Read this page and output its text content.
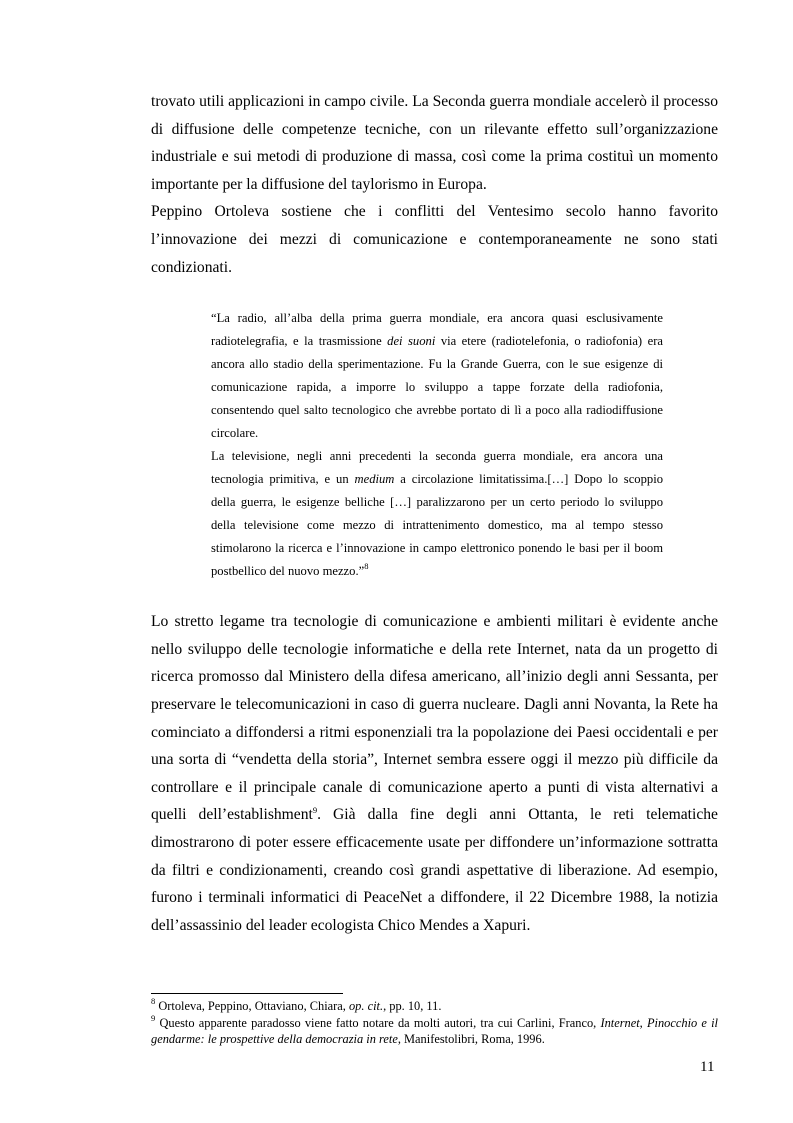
trovato utili applicazioni in campo civile. La Seconda guerra mondiale accelerò il processo di diffusione delle competenze tecniche, con un rilevante effetto sull’organizzazione industriale e sui metodi di produzione di massa, così come la prima costituì un momento importante per la diffusione del taylorismo in Europa.

Peppino Ortoleva sostiene che i conflitti del Ventesimo secolo hanno favorito l’innovazione dei mezzi di comunicazione e contemporaneamente ne sono stati condizionati.

“La radio, all’alba della prima guerra mondiale, era ancora quasi esclusivamente radiotelegrafia, e la trasmissione dei suoni via etere (radiotelefonia, o radiofonia) era ancora allo stadio della sperimentazione. Fu la Grande Guerra, con le sue esigenze di comunicazione rapida, a imporre lo sviluppo a tappe forzate della radiofonia, consentendo quel salto tecnologico che avrebbe portato di lì a poco alla radiodiffusione circolare.

La televisione, negli anni precedenti la seconda guerra mondiale, era ancora una tecnologia primitiva, e un medium a circolazione limitatissima.[…] Dopo lo scoppio della guerra, le esigenze belliche […] paralizzarono per un certo periodo lo sviluppo della televisione come mezzo di intrattenimento domestico, ma al tempo stesso stimolarono la ricerca e l’innovazione in campo elettronico ponendo le basi per il boom postbellico del nuovo mezzo.”$^8$

Lo stretto legame tra tecnologie di comunicazione e ambienti militari è evidente anche nello sviluppo delle tecnologie informatiche e della rete Internet, nata da un progetto di ricerca promosso dal Ministero della difesa americano, all’inizio degli anni Sessanta, per preservare le telecomunicazioni in caso di guerra nucleare. Dagli anni Novanta, la Rete ha cominciato a diffondersi a ritmi esponenziali tra la popolazione dei Paesi occidentali e per una sorta di “vendetta della storia”, Internet sembra essere oggi il mezzo più difficile da controllare e il principale canale di comunicazione aperto a punti di vista alternativi a quelli dell’establishment$^9$. Già dalla fine degli anni Ottanta, le reti telematiche dimostrarono di poter essere efficacemente usate per diffondere un’informazione sottratta da filtri e condizionamenti, creando così grandi aspettative di liberazione. Ad esempio, furono i terminali informatici di PeaceNet a diffondere, il 22 Dicembre 1988, la notizia dell’assassinio del leader ecologista Chico Mendes a Xapuri.

$^8$ Ortoleva, Peppino, Ottaviano, Chiara, op. cit., pp. 10, 11.

$^9$ Questo apparente paradosso viene fatto notare da molti autori, tra cui Carlini, Franco, Internet, Pinocchio e il gendarme: le prospettive della democrazia in rete, Manifestolibri, Roma, 1996.

11
